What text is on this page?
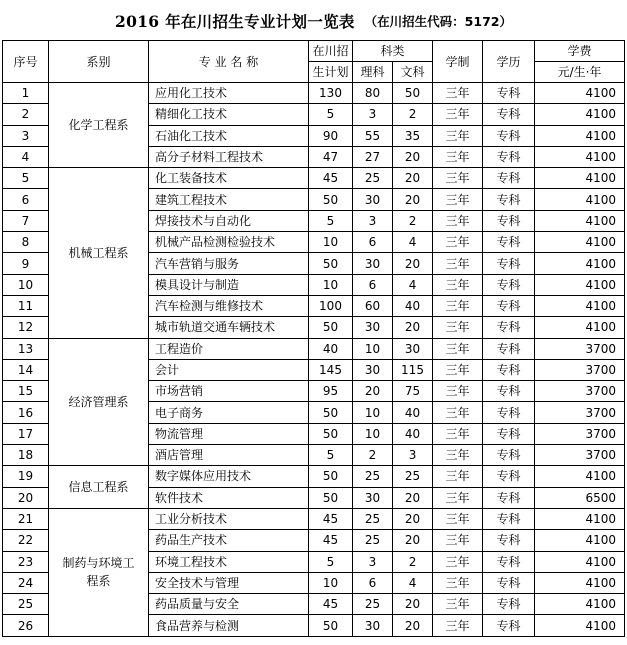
2016 年在川招生专业计划一览表 （在川招生代码：5172）
序号	系别	专 业 名 称	在川招	科类		学制	学历	学费
			生计划	理科	文科			元/生·年
1	化学工程系	应用化工技术	130	80	50	三年	专科	4100
2		精细化工技术	5	3	2	三年	专科	4100
3		石油化工技术	90	55	35	三年	专科	4100
4		高分子材料工程技术	47	27	20	三年	专科	4100
5	机械工程系	化工装备技术	45	25	20	三年	专科	4100
6		建筑工程技术	50	30	20	三年	专科	4100
7		焊接技术与自动化	5	3	2	三年	专科	4100
8		机械产品检测检验技术	10	6	4	三年	专科	4100
9		汽车营销与服务	50	30	20	三年	专科	4100
10		模具设计与制造	10	6	4	三年	专科	4100
11		汽车检测与维修技术	100	60	40	三年	专科	4100
12		城市轨道交通车辆技术	50	30	20	三年	专科	4100
13	经济管理系	工程造价	40	10	30	三年	专科	3700
14		会计	145	30	115	三年	专科	3700
15		市场营销	95	20	75	三年	专科	3700
16		电子商务	50	10	40	三年	专科	3700
17		物流管理	50	10	40	三年	专科	3700
18		酒店管理	5	2	3	三年	专科	3700
19	信息工程系	数字媒体应用技术	50	25	25	三年	专科	4100
20		软件技术	50	30	20	三年	专科	6500
21	制药与环境工程系	工业分析技术	45	25	20	三年	专科	4100
22		药品生产技术	45	25	20	三年	专科	4100
23		环境工程技术	5	3	2	三年	专科	4100
24		安全技术与管理	10	6	4	三年	专科	4100
25		药品质量与安全	45	25	20	三年	专科	4100
26		食品营养与检测	50	30	20	三年	专科	4100
